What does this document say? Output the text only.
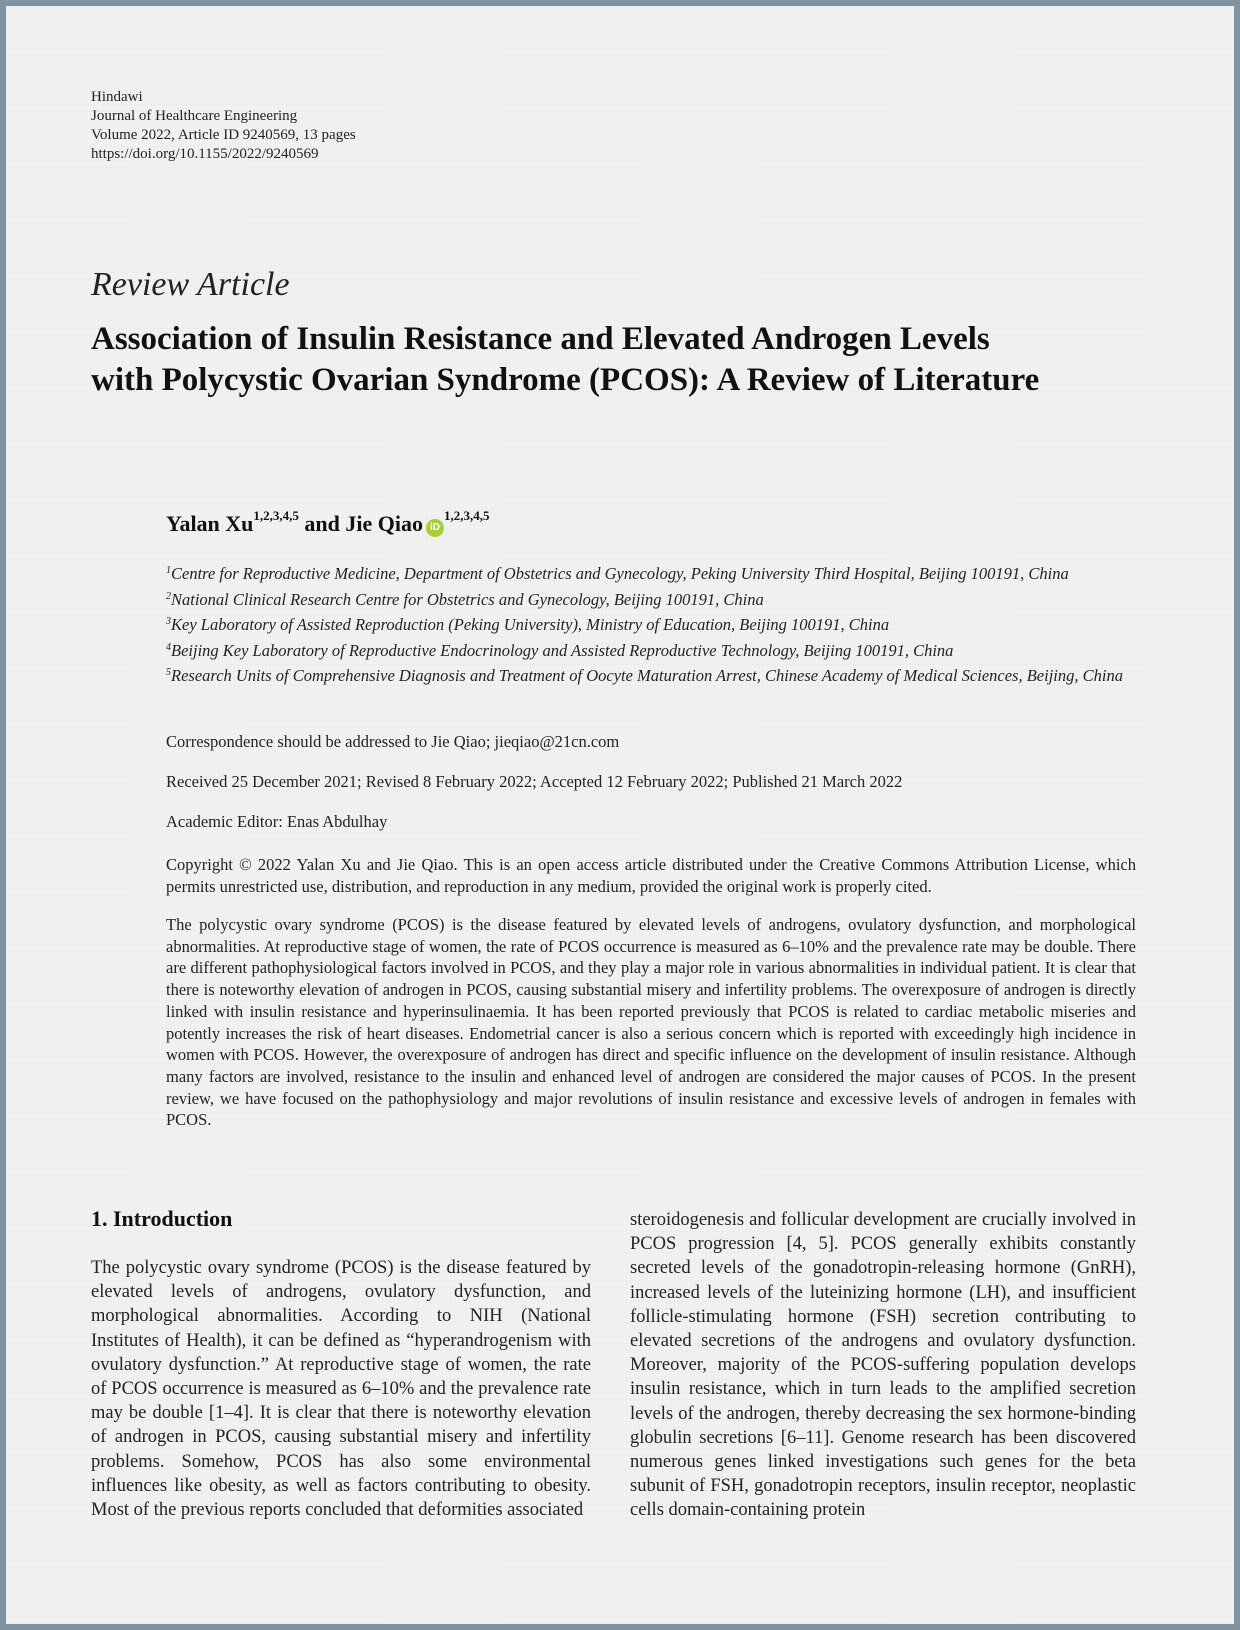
Hindawi
Journal of Healthcare Engineering
Volume 2022, Article ID 9240569, 13 pages
https://doi.org/10.1155/2022/9240569
Review Article
Association of Insulin Resistance and Elevated Androgen Levels with Polycystic Ovarian Syndrome (PCOS): A Review of Literature
Yalan Xu$^{1,2,3,4,5}$ and Jie Qiao iD$^{1,2,3,4,5}$
$^1$Centre for Reproductive Medicine, Department of Obstetrics and Gynecology, Peking University Third Hospital, Beijing 100191, China
$^2$National Clinical Research Centre for Obstetrics and Gynecology, Beijing 100191, China
$^3$Key Laboratory of Assisted Reproduction (Peking University), Ministry of Education, Beijing 100191, China
$^4$Beijing Key Laboratory of Reproductive Endocrinology and Assisted Reproductive Technology, Beijing 100191, China
$^5$Research Units of Comprehensive Diagnosis and Treatment of Oocyte Maturation Arrest, Chinese Academy of Medical Sciences, Beijing, China
Correspondence should be addressed to Jie Qiao; jieqiao@21cn.com
Received 25 December 2021; Revised 8 February 2022; Accepted 12 February 2022; Published 21 March 2022
Academic Editor: Enas Abdulhay
Copyright © 2022 Yalan Xu and Jie Qiao. This is an open access article distributed under the Creative Commons Attribution License, which permits unrestricted use, distribution, and reproduction in any medium, provided the original work is properly cited.
The polycystic ovary syndrome (PCOS) is the disease featured by elevated levels of androgens, ovulatory dysfunction, and morphological abnormalities. At reproductive stage of women, the rate of PCOS occurrence is measured as 6–10% and the prevalence rate may be double. There are different pathophysiological factors involved in PCOS, and they play a major role in various abnormalities in individual patient. It is clear that there is noteworthy elevation of androgen in PCOS, causing substantial misery and infertility problems. The overexposure of androgen is directly linked with insulin resistance and hyperinsulinaemia. It has been reported previously that PCOS is related to cardiac metabolic miseries and potently increases the risk of heart diseases. Endometrial cancer is also a serious concern which is reported with exceedingly high incidence in women with PCOS. However, the overexposure of androgen has direct and specific influence on the development of insulin resistance. Although many factors are involved, resistance to the insulin and enhanced level of androgen are considered the major causes of PCOS. In the present review, we have focused on the pathophysiology and major revolutions of insulin resistance and excessive levels of androgen in females with PCOS.
1. Introduction
The polycystic ovary syndrome (PCOS) is the disease featured by elevated levels of androgens, ovulatory dysfunction, and morphological abnormalities. According to NIH (National Institutes of Health), it can be defined as “hyperandrogenism with ovulatory dysfunction.” At reproductive stage of women, the rate of PCOS occurrence is measured as 6–10% and the prevalence rate may be double [1–4]. It is clear that there is noteworthy elevation of androgen in PCOS, causing substantial misery and infertility problems. Somehow, PCOS has also some environmental influences like obesity, as well as factors contributing to obesity. Most of the previous reports concluded that deformities associated
steroidogenesis and follicular development are crucially involved in PCOS progression [4, 5]. PCOS generally exhibits constantly secreted levels of the gonadotropin-releasing hormone (GnRH), increased levels of the luteinizing hormone (LH), and insufficient follicle-stimulating hormone (FSH) secretion contributing to elevated secretions of the androgens and ovulatory dysfunction. Moreover, majority of the PCOS-suffering population develops insulin resistance, which in turn leads to the amplified secretion levels of the androgen, thereby decreasing the sex hormone-binding globulin secretions [6–11]. Genome research has been discovered numerous genes linked investigations such genes for the beta subunit of FSH, gonadotropin receptors, insulin receptor, neoplastic cells domain-containing protein
